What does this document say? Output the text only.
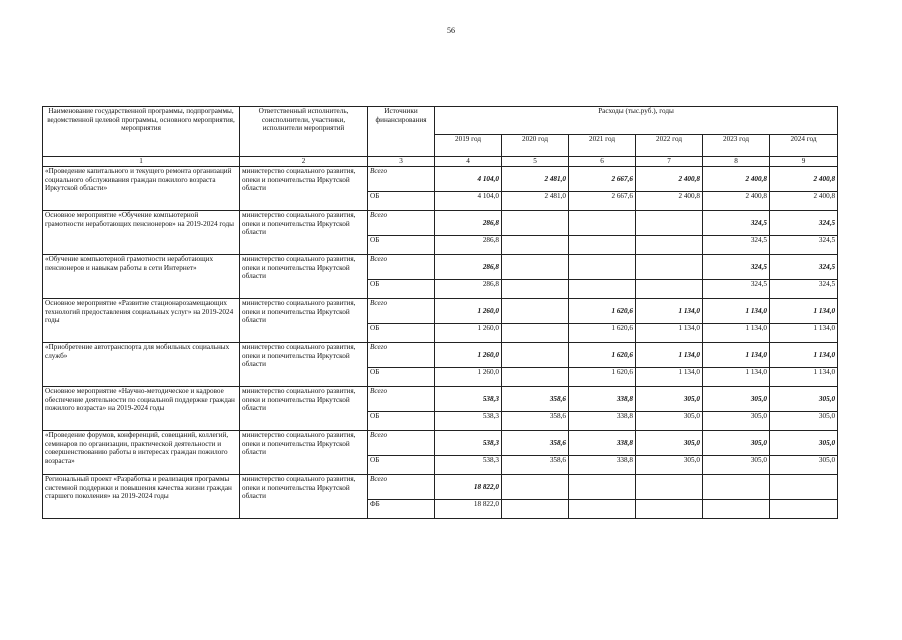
56
Наименование государственной программы, подпрограммы, ведомственной целевой программы, основного мероприятия, мероприятия	Ответственный исполнитель, соисполнители, участники, исполнители мероприятий	Источники финансирования	Расходы (тыс.руб.), годы					
			2019 год	2020 год	2021 год	2022 год	2023 год	2024 год
1	2	3	4	5	6	7	8	9
«Проведение капитального и текущего ремонта организаций социального обслуживания граждан пожилого возраста Иркутской области»	министерство социального развития, опеки и попечительства Иркутской области	Всего	4 104,0	2 481,0	2 667,6	2 400,8	2 400,8	2 400,8
		ОБ	4 104,0	2 481,0	2 667,6	2 400,8	2 400,8	2 400,8
Основное мероприятие «Обучение компьютерной грамотности неработающих пенсионеров» на 2019-2024 годы	министерство социального развития, опеки и попечительства Иркутской области	Всего	286,8				324,5	324,5
		ОБ	286,8				324,5	324,5
«Обучение компьютерной грамотности неработающих пенсионеров и навыкам работы в сети Интернет»	министерство социального развития, опеки и попечительства Иркутской области	Всего	286,8				324,5	324,5
		ОБ	286,8				324,5	324,5
Основное мероприятие «Развитие стационарозамещающих технологий предоставления социальных услуг» на 2019-2024 годы	министерство социального развития, опеки и попечительства Иркутской области	Всего	1 260,0		1 620,6	1 134,0	1 134,0	1 134,0
		ОБ	1 260,0		1 620,6	1 134,0	1 134,0	1 134,0
«Приобретение автотранспорта для мобильных социальных служб»	министерство социального развития, опеки и попечительства Иркутской области	Всего	1 260,0		1 620,6	1 134,0	1 134,0	1 134,0
		ОБ	1 260,0		1 620,6	1 134,0	1 134,0	1 134,0
Основное мероприятие «Научно-методическое и кадровое обеспечение деятельности по социальной поддержке граждан пожилого возраста» на 2019-2024 годы	министерство социального развития, опеки и попечительства Иркутской области	Всего	538,3	358,6	338,8	305,0	305,0	305,0
		ОБ	538,3	358,6	338,8	305,0	305,0	305,0
«Проведение форумов, конференций, совещаний, коллегий, семинаров по организации, практической деятельности и совершенствованию работы в интересах граждан пожилого возраста»	министерство социального развития, опеки и попечительства Иркутской области	Всего	538,3	358,6	338,8	305,0	305,0	305,0
		ОБ	538,3	358,6	338,8	305,0	305,0	305,0
Региональный проект «Разработка и реализация программы системной поддержки и повышения качества жизни граждан старшего поколения» на 2019-2024 годы	министерство социального развития, опеки и попечительства Иркутской области	Всего	18 822,0					
		ФБ	18 822,0					
